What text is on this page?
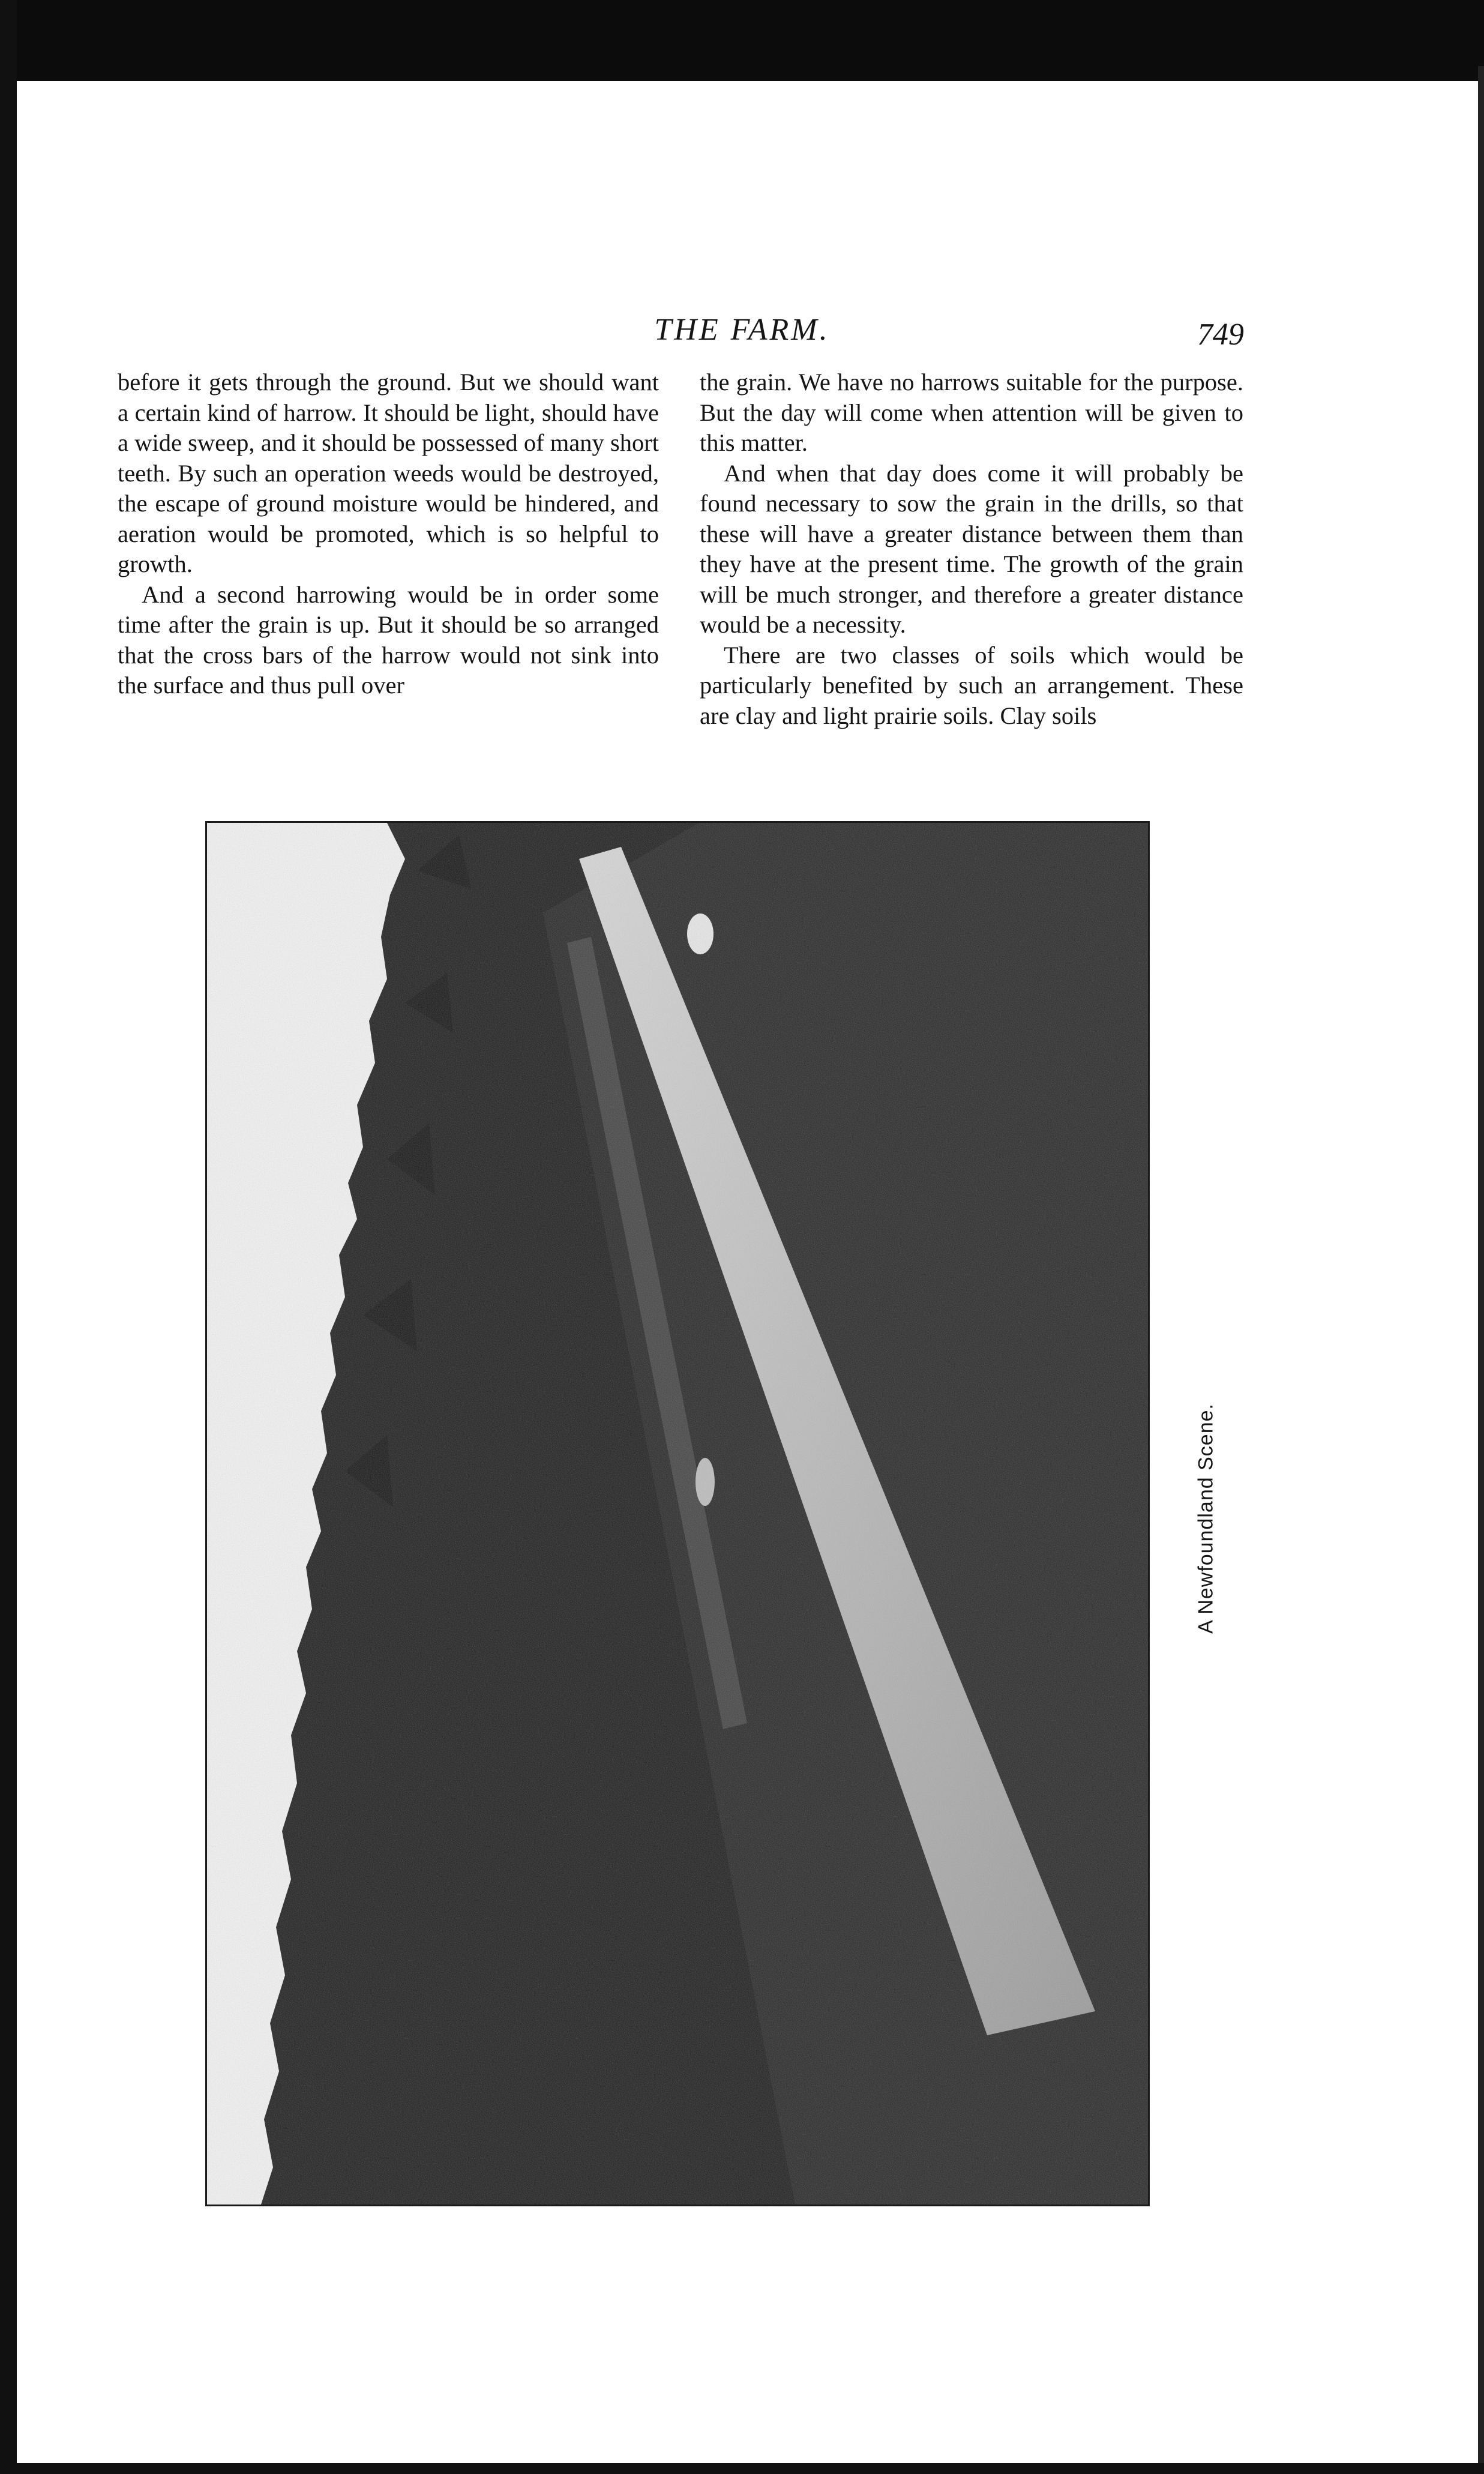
THE FARM.	749

before it gets through the ground. But we should want a certain kind of harrow. It should be light, should have a wide sweep, and it should be possessed of many short teeth. By such an operation weeds would be destroyed, the escape of ground moisture would be hindered, and aeration would be promoted, which is so helpful to growth.

And a second harrowing would be in order some time after the grain is up. But it should be so arranged that the cross bars of the harrow would not sink into the surface and thus pull over

the grain. We have no harrows suitable for the purpose. But the day will come when attention will be given to this matter.

And when that day does come it will probably be found necessary to sow the grain in the drills, so that these will have a greater distance between them than they have at the present time. The growth of the grain will be much stronger, and therefore a greater distance would be a necessity.

There are two classes of soils which would be particularly benefited by such an arrangement. These are clay and light prairie soils. Clay soils

A Newfoundland Scene.
